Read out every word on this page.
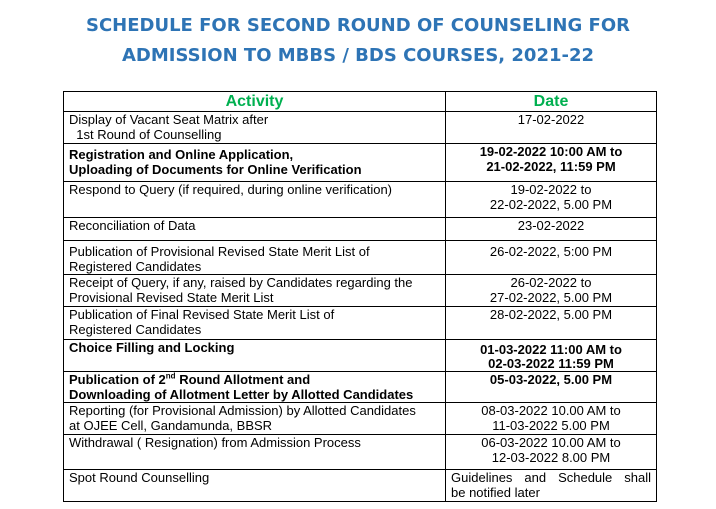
SCHEDULE FOR SECOND ROUND OF COUNSELING FOR
ADMISSION TO MBBS / BDS COURSES, 2021-22
Activity	Date
Display of Vacant Seat Matrix after
1st Round of Counselling	17-02-2022
Registration and Online Application,
Uploading of Documents for Online Verification	19-02-2022 10:00 AM to
21-02-2022, 11:59 PM
Respond to Query (if required, during online verification)	19-02-2022 to
22-02-2022, 5.00 PM
Reconciliation of Data	23-02-2022
Publication of Provisional Revised State Merit List of
Registered Candidates	26-02-2022, 5:00 PM
Receipt of Query, if any, raised by Candidates regarding the
Provisional Revised State Merit List	26-02-2022 to
27-02-2022, 5.00 PM
Publication of Final Revised State Merit List of
Registered Candidates	28-02-2022, 5.00 PM
Choice Filling and Locking	01-03-2022 11:00 AM to
02-03-2022 11:59 PM
Publication of 2nd Round Allotment and
Downloading of Allotment Letter by Allotted Candidates	05-03-2022, 5.00 PM
Reporting (for Provisional Admission) by Allotted Candidates
at OJEE Cell, Gandamunda, BBSR	08-03-2022 10.00 AM to
11-03-2022 5.00 PM
Withdrawal ( Resignation) from Admission Process	06-03-2022 10.00 AM to
12-03-2022 8.00 PM
Spot Round Counselling	Guidelines and Schedule shall
be notified later
